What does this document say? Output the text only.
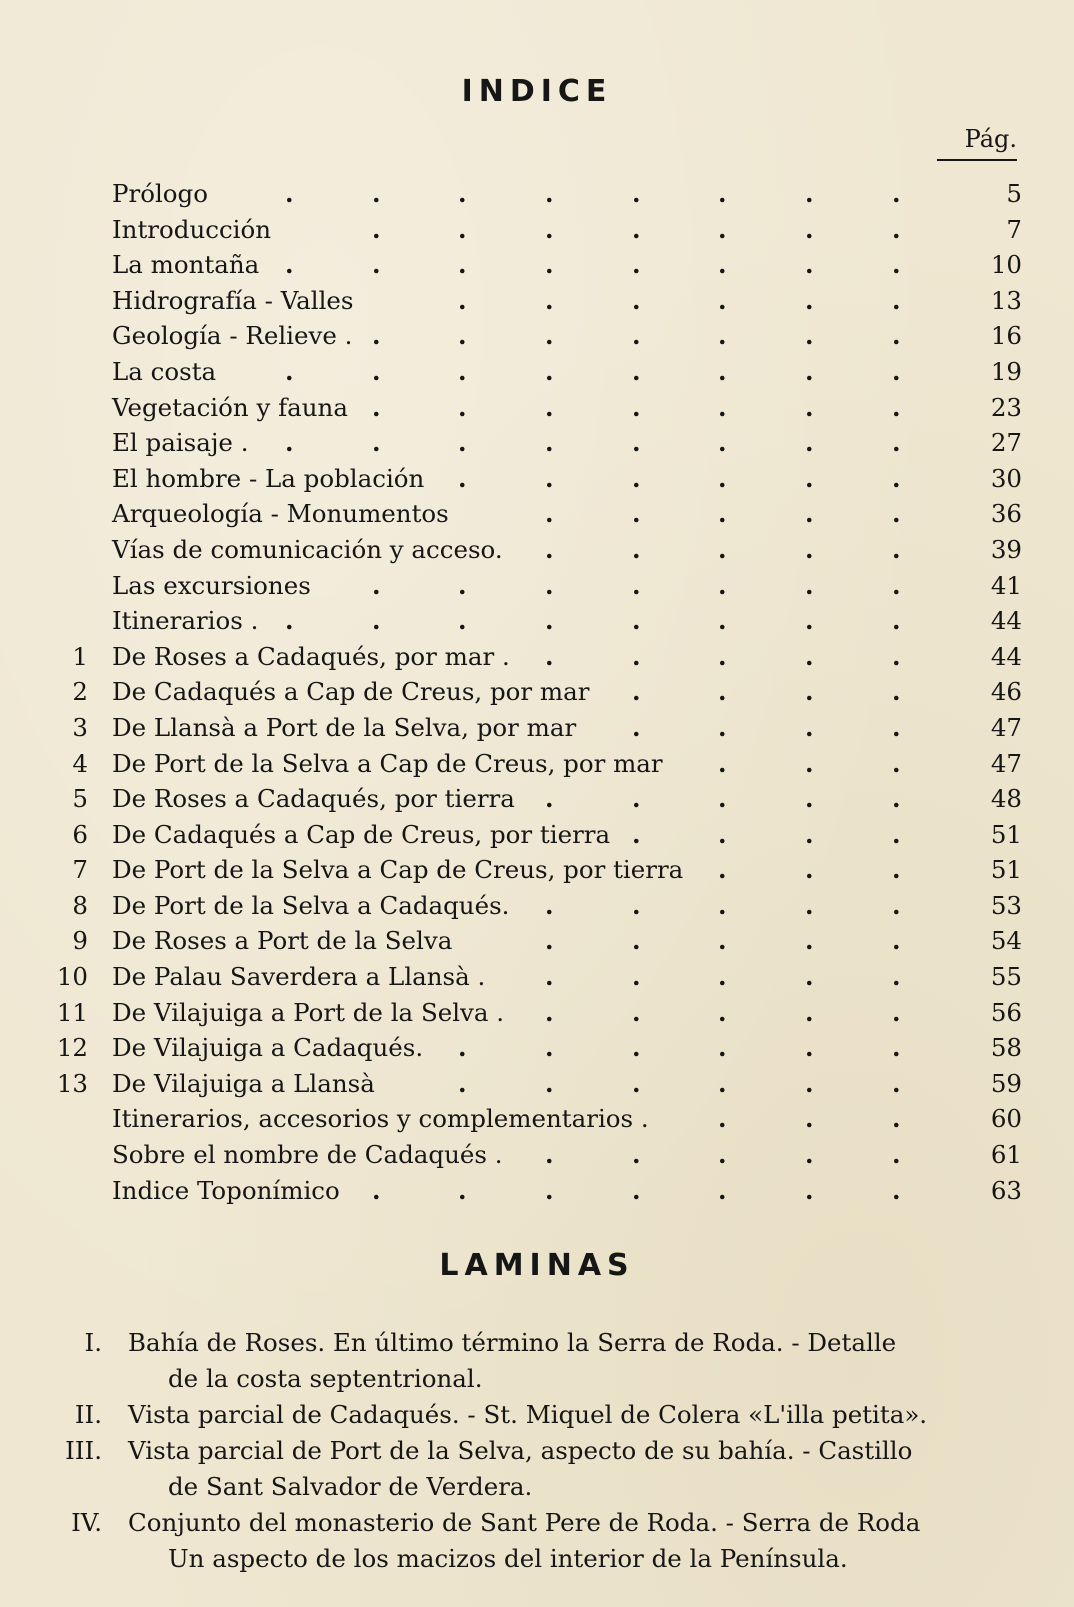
INDICE
Pág.
Prólogo	.	.	.	.	.	.	.	.	5
Introducción	.	.	.	.	.	.	.	7
La montaña .	.	.	.	.	.	.	.	10
Hidrografía - Valles	.	.	.	.	.	.	13
Geología - Relieve . .	.	.	.	.	.	.	16
La costa	.	.	.	.	.	.	.	.	19
Vegetación y fauna .	.	.	.	.	.	.	23
El paisaje . .	.	.	.	.	.	.	.	27
El hombre - La población .	.	.	.	.	.	30
Arqueología - Monumentos	.	.	.	.	.	36
Vías de comunicación y acceso. .	.	.	.	.	39
Las excursiones .	.	.	.	.	.	.	41
Itinerarios . .	.	.	.	.	.	.	.	44
1 De Roses a Cadaqués, por mar . .	.	.	.	.	44
2 De Cadaqués a Cap de Creus, por mar .	.	.	.	46
3 De Llansà a Port de la Selva, por mar .	.	.	.	47
4 De Port de la Selva a Cap de Creus, por mar .	.	.	47
5 De Roses a Cadaqués, por tierra .	.	.	.	.	48
6 De Cadaqués a Cap de Creus, por tierra .	.	.	.	51
7 De Port de la Selva a Cap de Creus, por tierra .	.	.	51
8 De Port de la Selva a Cadaqués. .	.	.	.	.	53
9 De Roses a Port de la Selva	.	.	.	.	.	54
10 De Palau Saverdera a Llansà . .	.	.	.	.	55
11 De Vilajuiga a Port de la Selva . .	.	.	.	.	56
12 De Vilajuiga a Cadaqués. .	.	.	.	.	.	58
13 De Vilajuiga a Llansà	.	.	.	.	.	.	59
Itinerarios, accesorios y complementarios .	.	.	.	60
Sobre el nombre de Cadaqués . .	.	.	.	.	61
Indice Toponímico .	.	.	.	.	.	.	63
LAMINAS
I. Bahía de Roses. En último término la Serra de Roda. - Detalle
de la costa septentrional.
II. Vista parcial de Cadaqués. - St. Miquel de Colera «L'illa petita».
III. Vista parcial de Port de la Selva, aspecto de su bahía. - Castillo
de Sant Salvador de Verdera.
IV. Conjunto del monasterio de Sant Pere de Roda. - Serra de Roda
Un aspecto de los macizos del interior de la Península.
